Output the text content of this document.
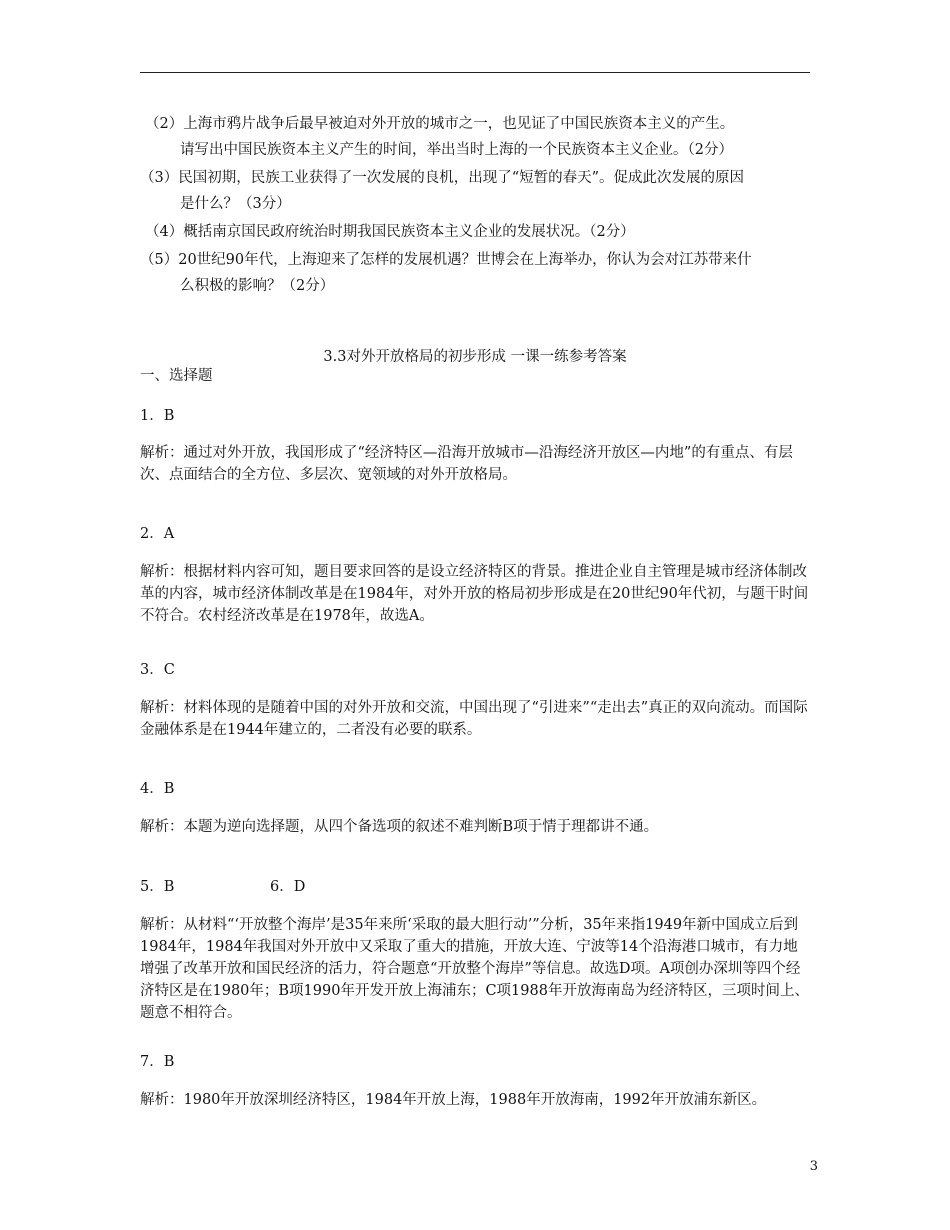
（2）上海市鸦片战争后最早被迫对外开放的城市之一，也见证了中国民族资本主义的产生。
请写出中国民族资本主义产生的时间，举出当时上海的一个民族资本主义企业。（2分）
（3）民国初期，民族工业获得了一次发展的良机，出现了“短暂的春天”。促成此次发展的原因
是什么？（3分）
（4）概括南京国民政府统治时期我国民族资本主义企业的发展状况。（2分）
（5）20世纪90年代，上海迎来了怎样的发展机遇？世博会在上海举办，你认为会对江苏带来什
么积极的影响？（2分）
3.3对外开放格局的初步形成 一课一练参考答案
一、选择题
1．B
解析：通过对外开放，我国形成了“经济特区—沿海开放城市—沿海经济开放区—内地”的有重点、有层次、点面结合的全方位、多层次、宽领域的对外开放格局。
2．A
解析：根据材料内容可知，题目要求回答的是设立经济特区的背景。推进企业自主管理是城市经济体制改革的内容，城市经济体制改革是在1984年，对外开放的格局初步形成是在20世纪90年代初，与题干时间不符合。农村经济改革是在1978年，故选A。
3．C
解析：材料体现的是随着中国的对外开放和交流，中国出现了“引进来”“走出去”真正的双向流动。而国际金融体系是在1944年建立的，二者没有必要的联系。
4．B
解析：本题为逆向选择题，从四个备选项的叙述不难判断B项于情于理都讲不通。
5．B	6．D
解析：从材料“‘开放整个海岸’是35年来所‘采取的最大胆行动’”分析，35年来指1949年新中国成立后到1984年，1984年我国对外开放中又采取了重大的措施，开放大连、宁波等14个沿海港口城市，有力地增强了改革开放和国民经济的活力，符合题意“开放整个海岸”等信息。故选D项。A项创办深圳等四个经济特区是在1980年；B项1990年开发开放上海浦东；C项1988年开放海南岛为经济特区，三项时间上、题意不相符合。
7．B
解析：1980年开放深圳经济特区，1984年开放上海，1988年开放海南，1992年开放浦东新区。
3
